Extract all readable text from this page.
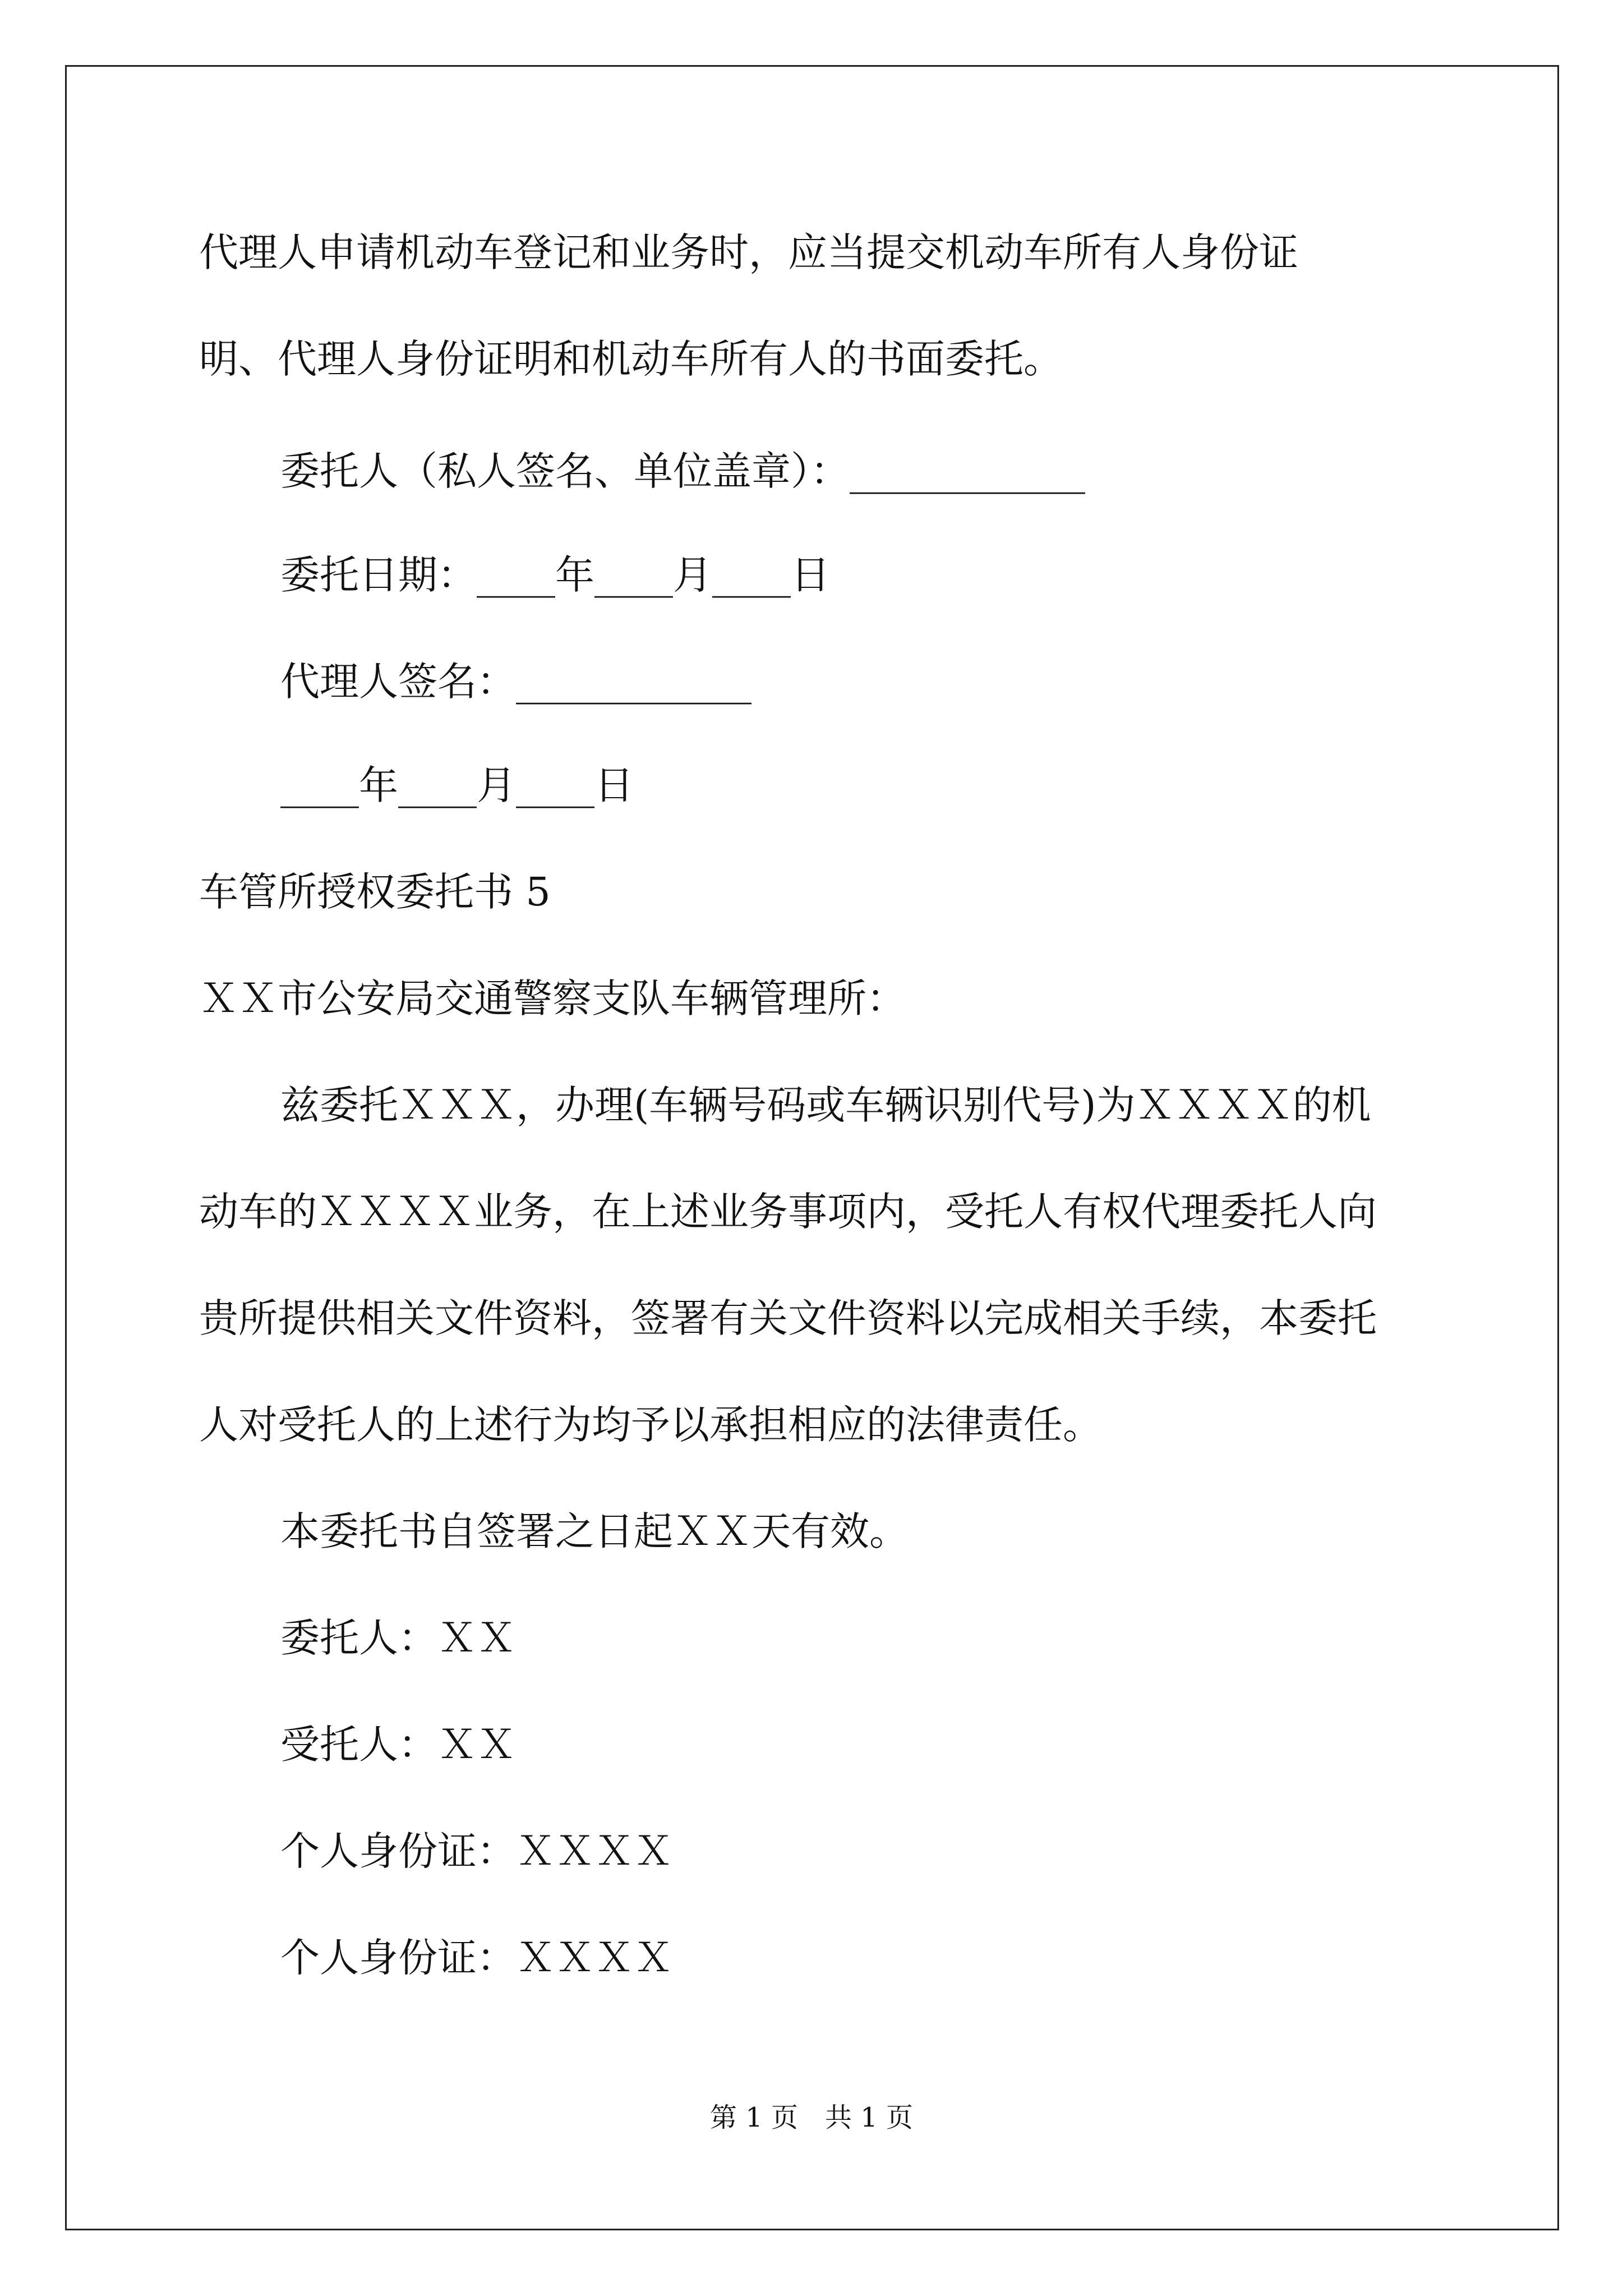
代理人申请机动车登记和业务时，应当提交机动车所有人身份证
明、代理人身份证明和机动车所有人的书面委托。
委托人（私人签名、单位盖章）：____________
委托日期：____年____月____日
代理人签名：____________
____年____月____日
车管所授权委托书 5
ＸＸ市公安局交通警察支队车辆管理所：
兹委托ＸＸＸ，办理(车辆号码或车辆识别代号)为ＸＸＸＸ的机
动车的ＸＸＸＸ业务，在上述业务事项内，受托人有权代理委托人向
贵所提供相关文件资料，签署有关文件资料以完成相关手续，本委托
人对受托人的上述行为均予以承担相应的法律责任。
本委托书自签署之日起ＸＸ天有效。
委托人：ＸＸ
受托人：ＸＸ
个人身份证：ＸＸＸＸ
个人身份证：ＸＸＸＸ
第 1 页　共 1 页
